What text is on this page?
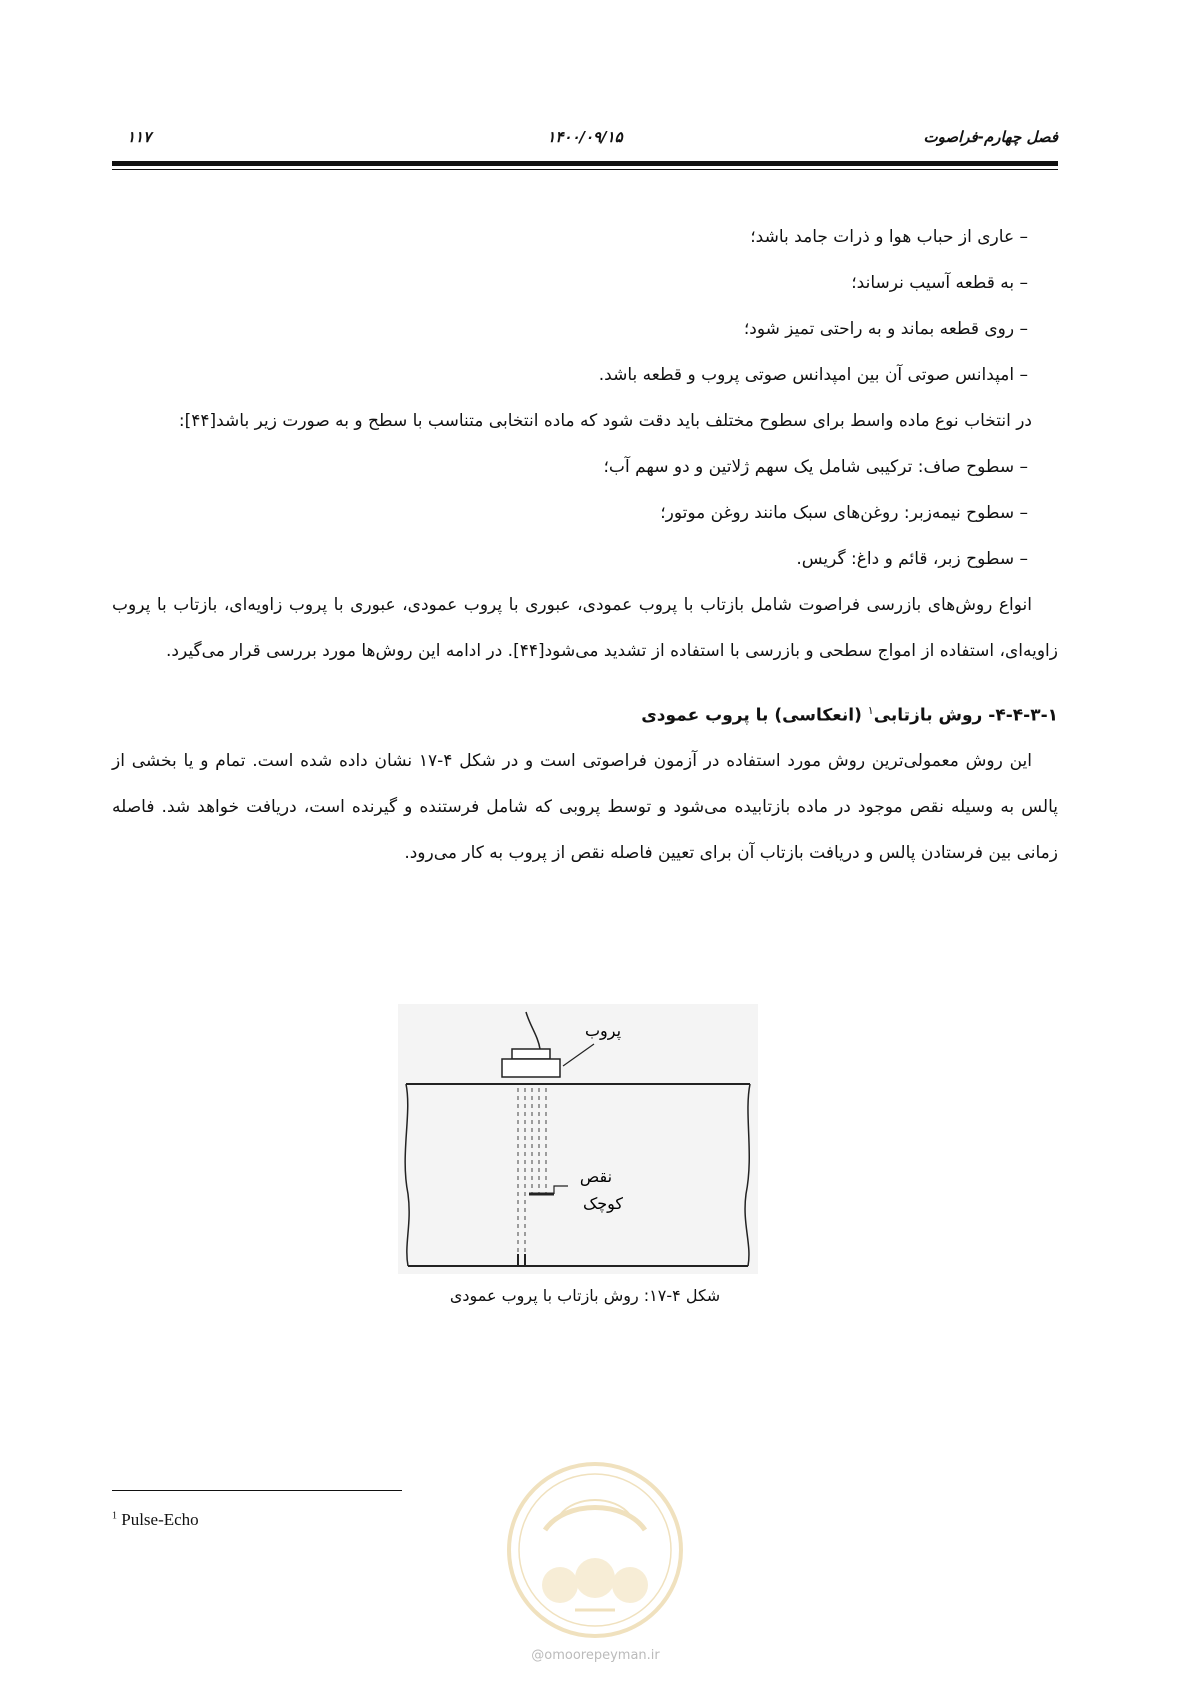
فصل چهارم-فراصوت
۱۴۰۰/۰۹/۱۵
۱۱۷
– عاری از حباب هوا و ذرات جامد باشد؛
– به قطعه آسیب نرساند؛
– روی قطعه بماند و به راحتی تمیز شود؛
– امپدانس صوتی آن بین امپدانس صوتی پروب و قطعه باشد.

در انتخاب نوع ماده واسط برای سطوح مختلف باید دقت شود که ماده انتخابی متناسب با سطح و به صورت زیر باشد[۴۴]:

– سطوح صاف: ترکیبی شامل یک سهم ژلاتین و دو سهم آب؛
– سطوح نیمه‌زبر: روغن‌های سبک مانند روغن موتور؛
– سطوح زبر، قائم و داغ: گریس.

انواع روش‌های بازرسی فراصوت شامل بازتاب با پروب عمودی، عبوری با پروب عمودی، عبوری با پروب زاویه‌ای، بازتاب با پروب زاویه‌ای، استفاده از امواج سطحی و بازرسی با استفاده از تشدید می‌شود[۴۴]. در ادامه این روش‌ها مورد بررسی قرار می‌گیرد.

۴-۴-۳-۱- روش بازتابی$^۱$ (انعکاسی) با پروب عمودی

این روش معمولی‌ترین روش مورد استفاده در آزمون فراصوتی است و در شکل ۴-۱۷ نشان داده شده است. تمام و یا بخشی از پالس به وسیله نقص موجود در ماده بازتابیده می‌شود و توسط پروبی که شامل فرستنده و گیرنده است، دریافت خواهد شد. فاصله زمانی بین فرستادن پالس و دریافت بازتاب آن برای تعیین فاصله نقص از پروب به کار می‌رود.

پروب
نقص
کوچک
شکل ۴-۱۷: روش بازتاب با پروب عمودی
$^1$ Pulse-Echo
@omoorepeyman.ir
